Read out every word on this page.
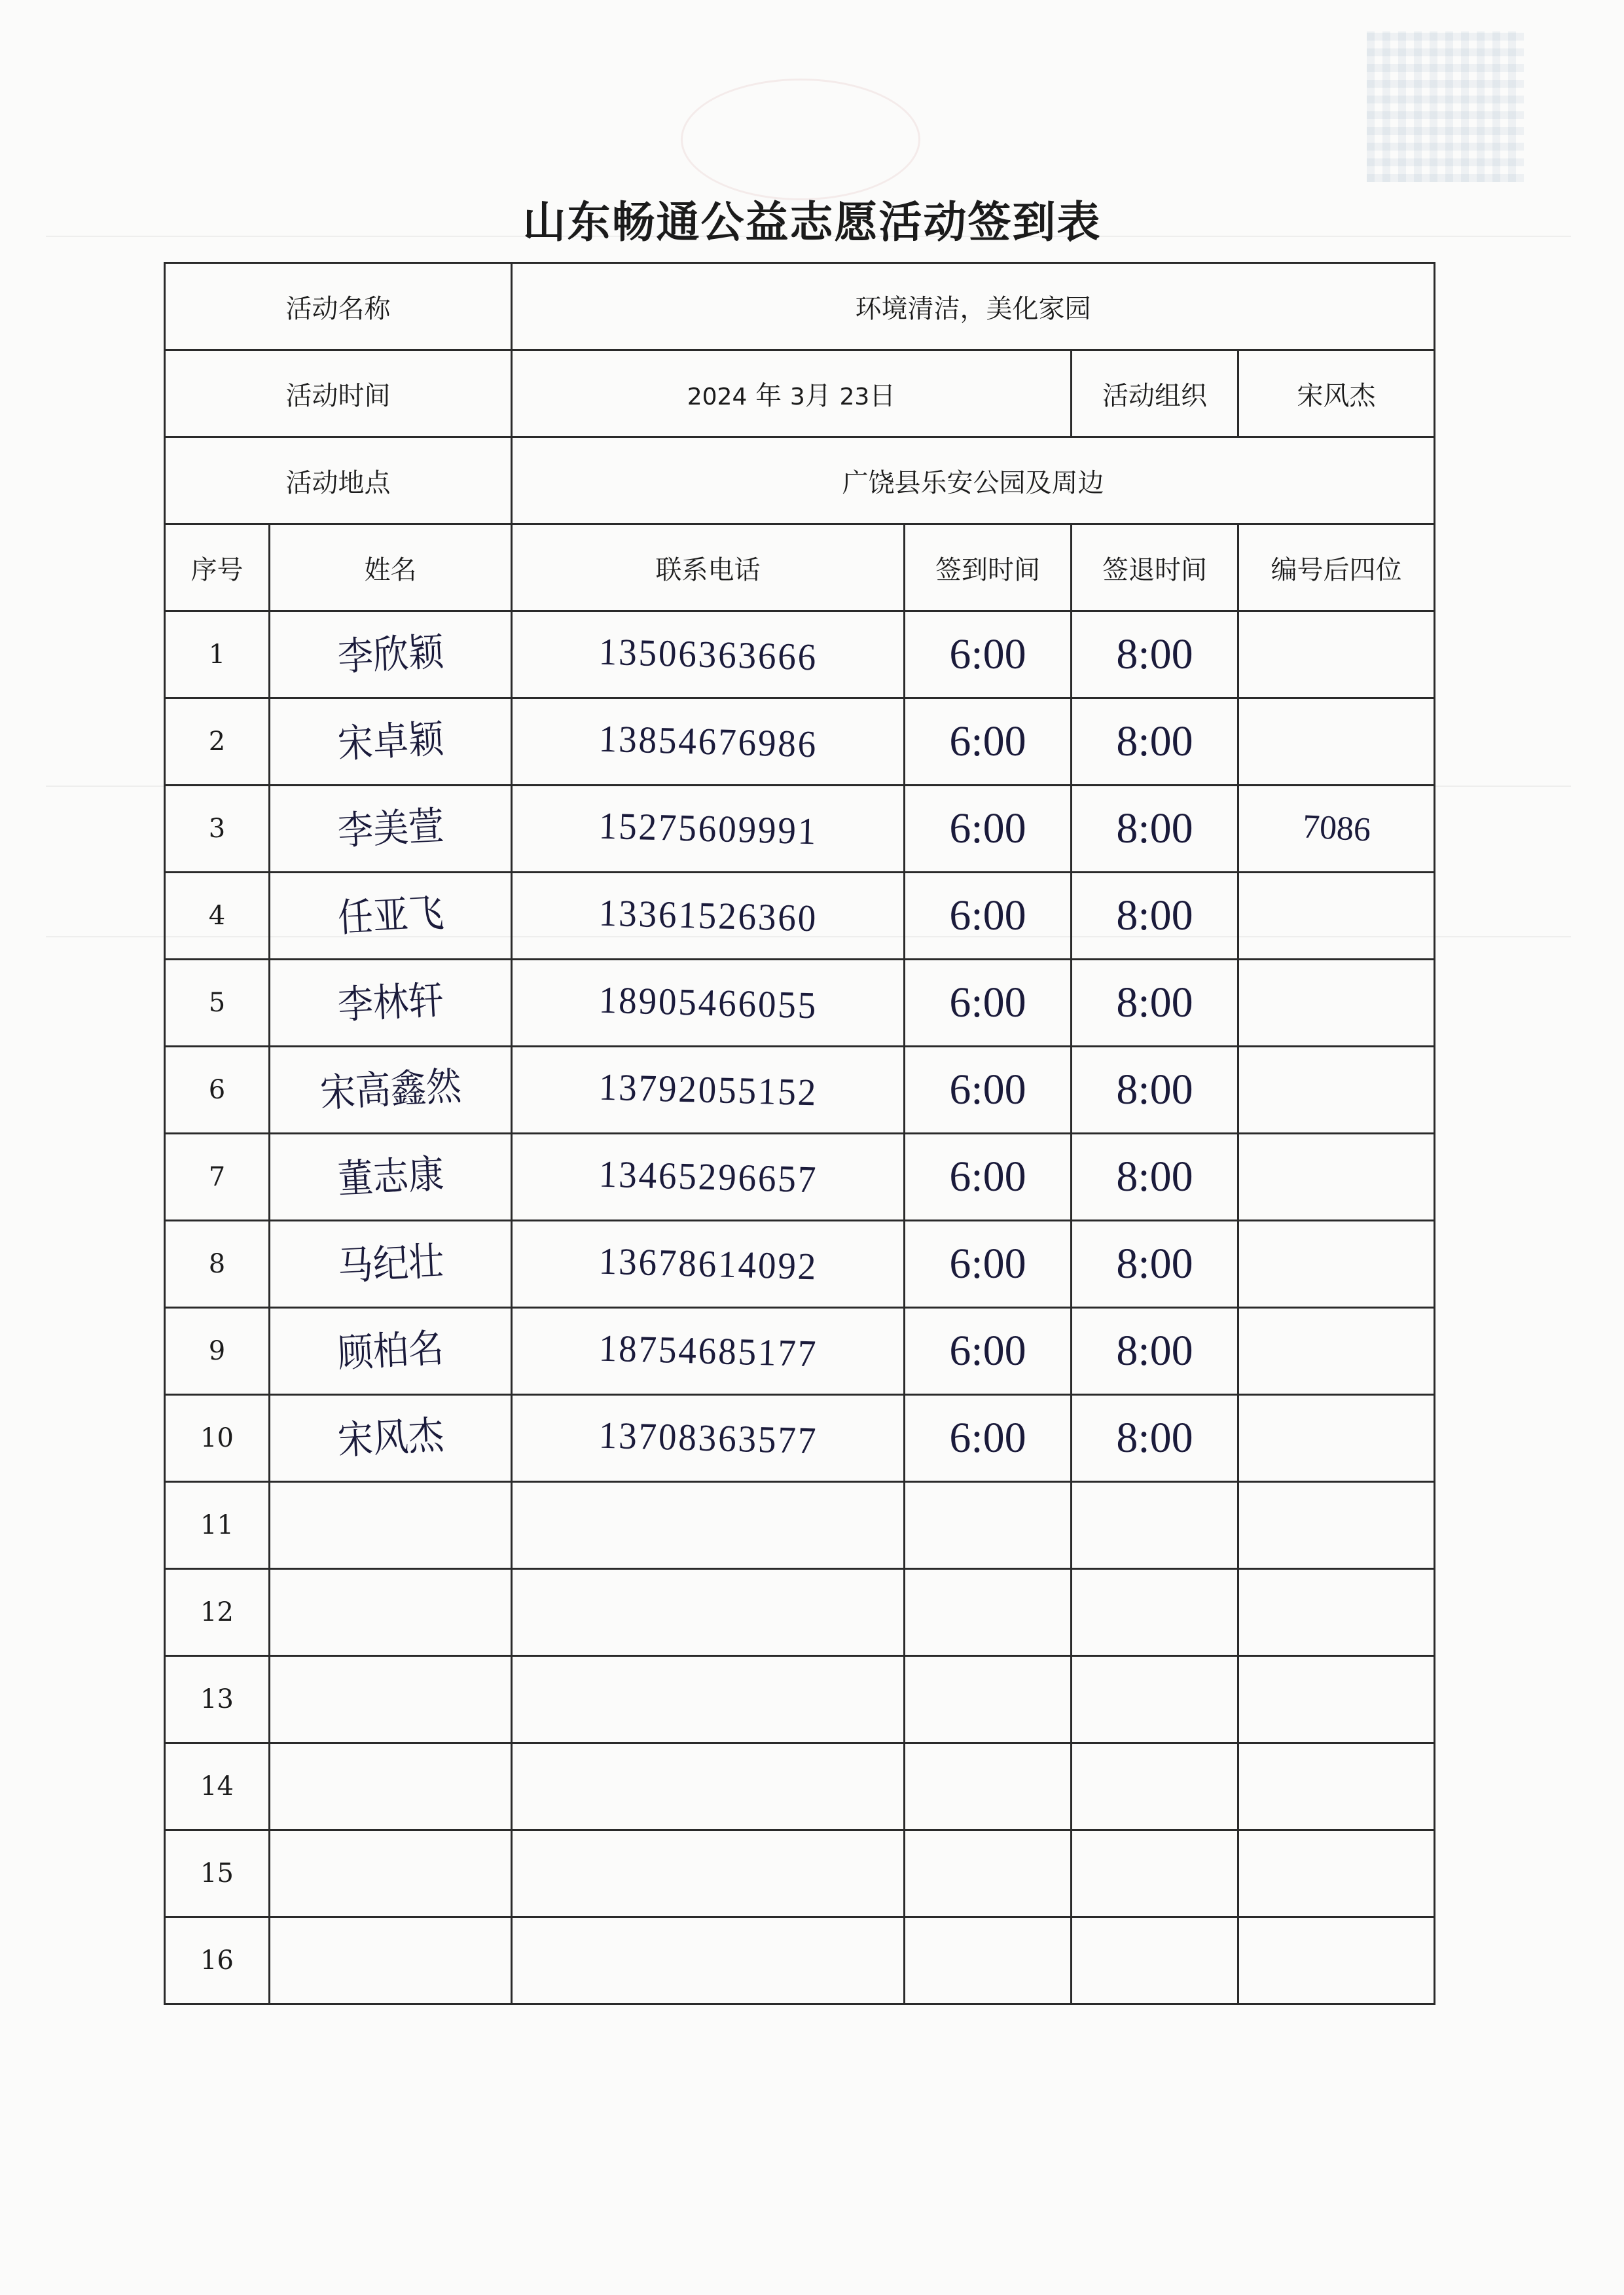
山东畅通公益志愿活动签到表
活动名称		环境清洁，美化家园			
活动时间		2024 年 3月 23日		活动组织	宋风杰
活动地点		广饶县乐安公园及周边			
序号	姓名	联系电话	签到时间	签退时间	编号后四位
1	李欣颖	13506363666	6:00	8:00	
2	宋卓颖	13854676986	6:00	8:00	
3	李美萱	15275609991	6:00	8:00	7086
4	任亚飞	13361526360	6:00	8:00	
5	李林轩	18905466055	6:00	8:00	
6	宋高鑫然	13792055152	6:00	8:00	
7	董志康	13465296657	6:00	8:00	
8	马纪壮	13678614092	6:00	8:00	
9	顾柏名	18754685177	6:00	8:00	
10	宋风杰	13708363577	6:00	8:00	
11					
12					
13					
14					
15					
16					
